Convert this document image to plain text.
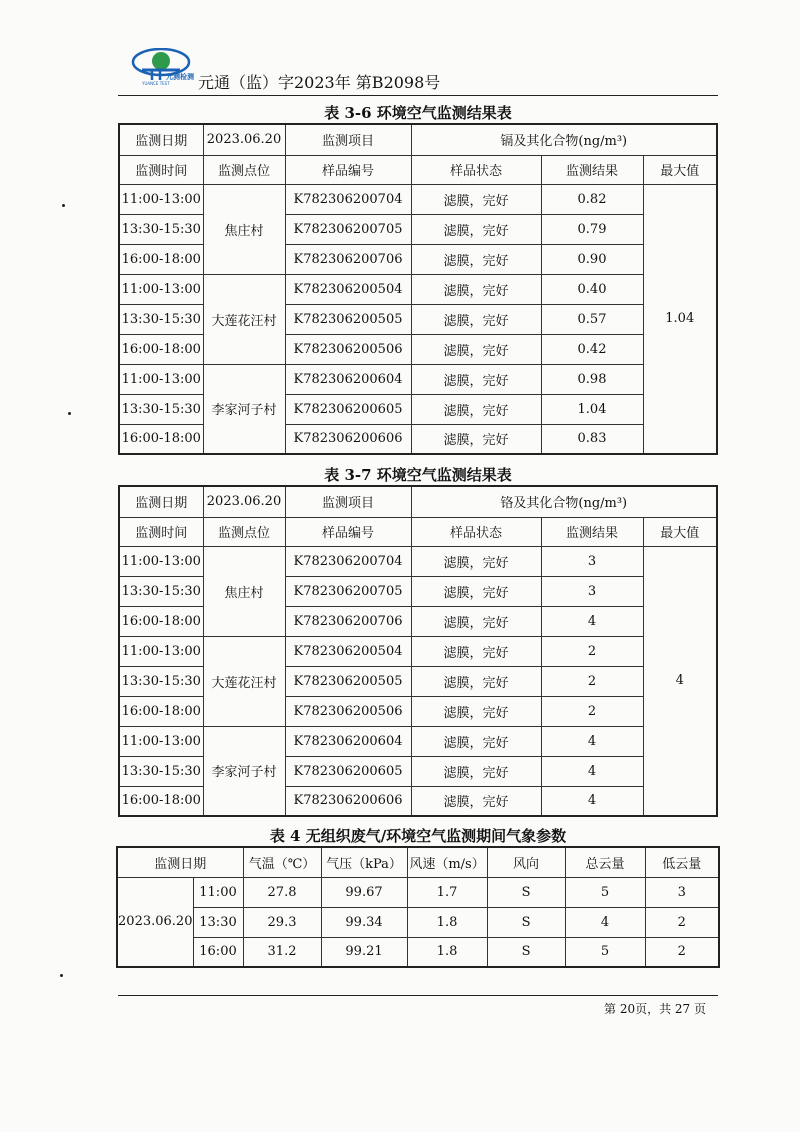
元测检测
YUANCE TEST 元通（监）字2023年 第B2098号
表 3-6 环境空气监测结果表
监测日期	2023.06.20	监测项目	镉及其化合物(ng/m³)		
监测时间	监测点位	样品编号	样品状态	监测结果	最大值
11:00-13:00	焦庄村	K782306200704	滤膜，完好	0.82	1.04
13:30-15:30		K782306200705	滤膜，完好	0.79	
16:00-18:00		K782306200706	滤膜，完好	0.90	
11:00-13:00	大莲花汪村	K782306200504	滤膜，完好	0.40	
13:30-15:30		K782306200505	滤膜，完好	0.57	
16:00-18:00		K782306200506	滤膜，完好	0.42	
11:00-13:00	李家河子村	K782306200604	滤膜，完好	0.98	
13:30-15:30		K782306200605	滤膜，完好	1.04	
16:00-18:00		K782306200606	滤膜，完好	0.83	
表 3-7 环境空气监测结果表
监测日期	2023.06.20	监测项目	铬及其化合物(ng/m³)		
监测时间	监测点位	样品编号	样品状态	监测结果	最大值
11:00-13:00	焦庄村	K782306200704	滤膜，完好	3	4
13:30-15:30		K782306200705	滤膜，完好	3	
16:00-18:00		K782306200706	滤膜，完好	4	
11:00-13:00	大莲花汪村	K782306200504	滤膜，完好	2	
13:30-15:30		K782306200505	滤膜，完好	2	
16:00-18:00		K782306200506	滤膜，完好	2	
11:00-13:00	李家河子村	K782306200604	滤膜，完好	4	
13:30-15:30		K782306200605	滤膜，完好	4	
16:00-18:00		K782306200606	滤膜，完好	4	
表 4 无组织废气/环境空气监测期间气象参数
监测日期		气温（℃）	气压（kPa）	风速（m/s）	风向	总云量	低云量
2023.06.20	11:00	27.8	99.67	1.7	S	5	3
	13:30	29.3	99.34	1.8	S	4	2
	16:00	31.2	99.21	1.8	S	5	2
第 20页，共 27 页
